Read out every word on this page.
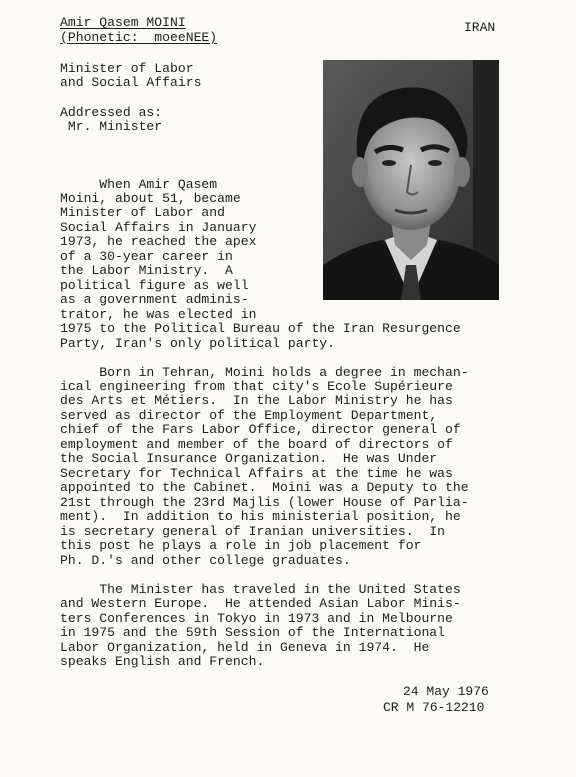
Amir Qasem MOINI
(Phonetic:  moeeNEE)
IRAN
Minister of Labor
and Social Affairs
Addressed as:
Mr. Minister
When Amir Qasem
Moini, about 51, became
Minister of Labor and
Social Affairs in January
1973, he reached the apex
of a 30-year career in
the Labor Ministry.  A
political figure as well
as a government adminis-
trator, he was elected in
1975 to the Political Bureau of the Iran Resurgence
Party, Iran's only political party.
Born in Tehran, Moini holds a degree in mechan-
ical engineering from that city's Ecole Supérieure
des Arts et Métiers.  In the Labor Ministry he has
served as director of the Employment Department,
chief of the Fars Labor Office, director general of
employment and member of the board of directors of
the Social Insurance Organization.  He was Under
Secretary for Technical Affairs at the time he was
appointed to the Cabinet.  Moini was a Deputy to the
21st through the 23rd Majlis (lower House of Parlia-
ment).  In addition to his ministerial position, he
is secretary general of Iranian universities.  In
this post he plays a role in job placement for
Ph. D.'s and other college graduates.
The Minister has traveled in the United States
and Western Europe.  He attended Asian Labor Minis-
ters Conferences in Tokyo in 1973 and in Melbourne
in 1975 and the 59th Session of the International
Labor Organization, held in Geneva in 1974.  He
speaks English and French.
24 May 1976
CR M 76-12210
